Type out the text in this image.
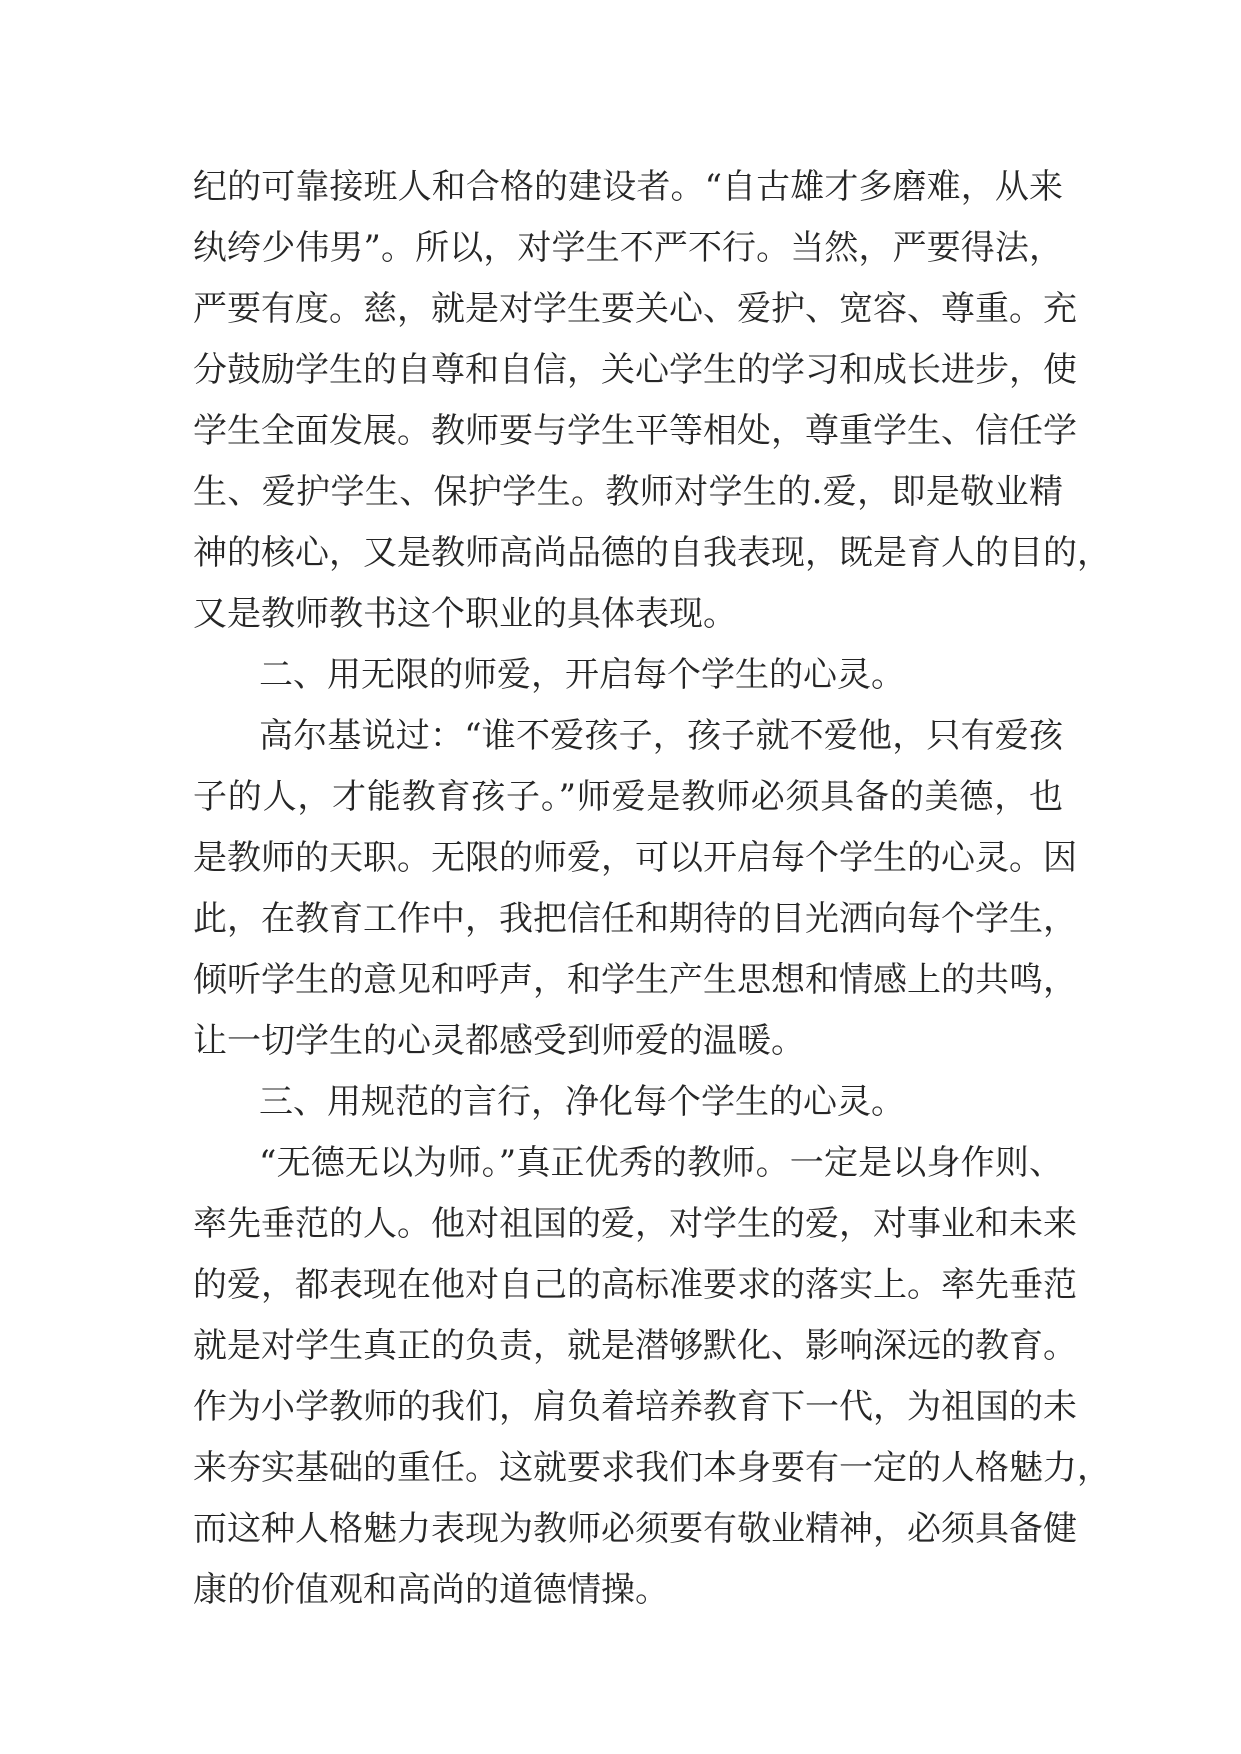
纪的可靠接班人和合格的建设者。“自古雄才多磨难，从来
纨绔少伟男”。所以，对学生不严不行。当然，严要得法，
严要有度。慈，就是对学生要关心、爱护、宽容、尊重。充
分鼓励学生的自尊和自信，关心学生的学习和成长进步，使
学生全面发展。教师要与学生平等相处，尊重学生、信任学
生、爱护学生、保护学生。教师对学生的.爱，即是敬业精
神的核心，又是教师高尚品德的自我表现，既是育人的目的，
又是教师教书这个职业的具体表现。
二、用无限的师爱，开启每个学生的心灵。
高尔基说过：“谁不爱孩子，孩子就不爱他，只有爱孩
子的人，才能教育孩子。”师爱是教师必须具备的美德，也
是教师的天职。无限的师爱，可以开启每个学生的心灵。因
此，在教育工作中，我把信任和期待的目光洒向每个学生，
倾听学生的意见和呼声，和学生产生思想和情感上的共鸣，
让一切学生的心灵都感受到师爱的温暖。
三、用规范的言行，净化每个学生的心灵。
“无德无以为师。”真正优秀的教师。一定是以身作则、
率先垂范的人。他对祖国的爱，对学生的爱，对事业和未来
的爱，都表现在他对自己的高标准要求的落实上。率先垂范
就是对学生真正的负责，就是潜够默化、影响深远的教育。
作为小学教师的我们，肩负着培养教育下一代，为祖国的未
来夯实基础的重任。这就要求我们本身要有一定的人格魅力，
而这种人格魅力表现为教师必须要有敬业精神，必须具备健
康的价值观和高尚的道德情操。
